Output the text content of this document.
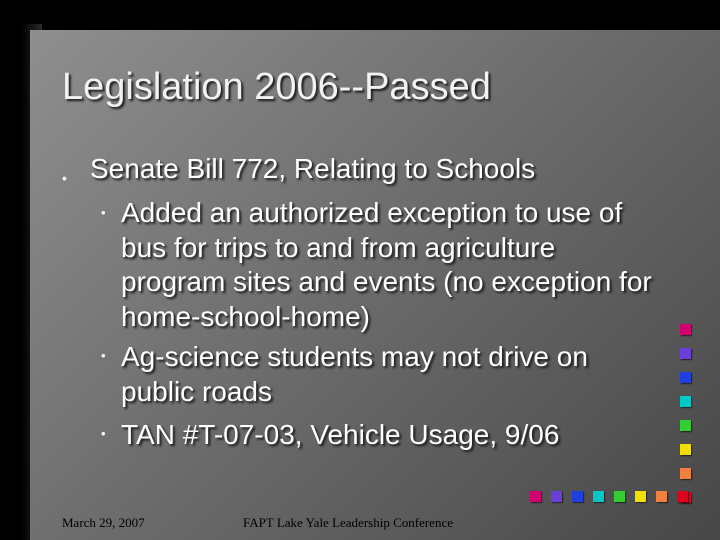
Legislation 2006--Passed
• Senate Bill 772, Relating to Schools
• Added an authorized exception to use of bus for trips to and from agriculture program sites and events (no exception for home-school-home)
• Ag-science students may not drive on public roads
• TAN #T-07-03, Vehicle Usage, 9/06
March 29, 2007	FAPT Lake Yale Leadership Conference
